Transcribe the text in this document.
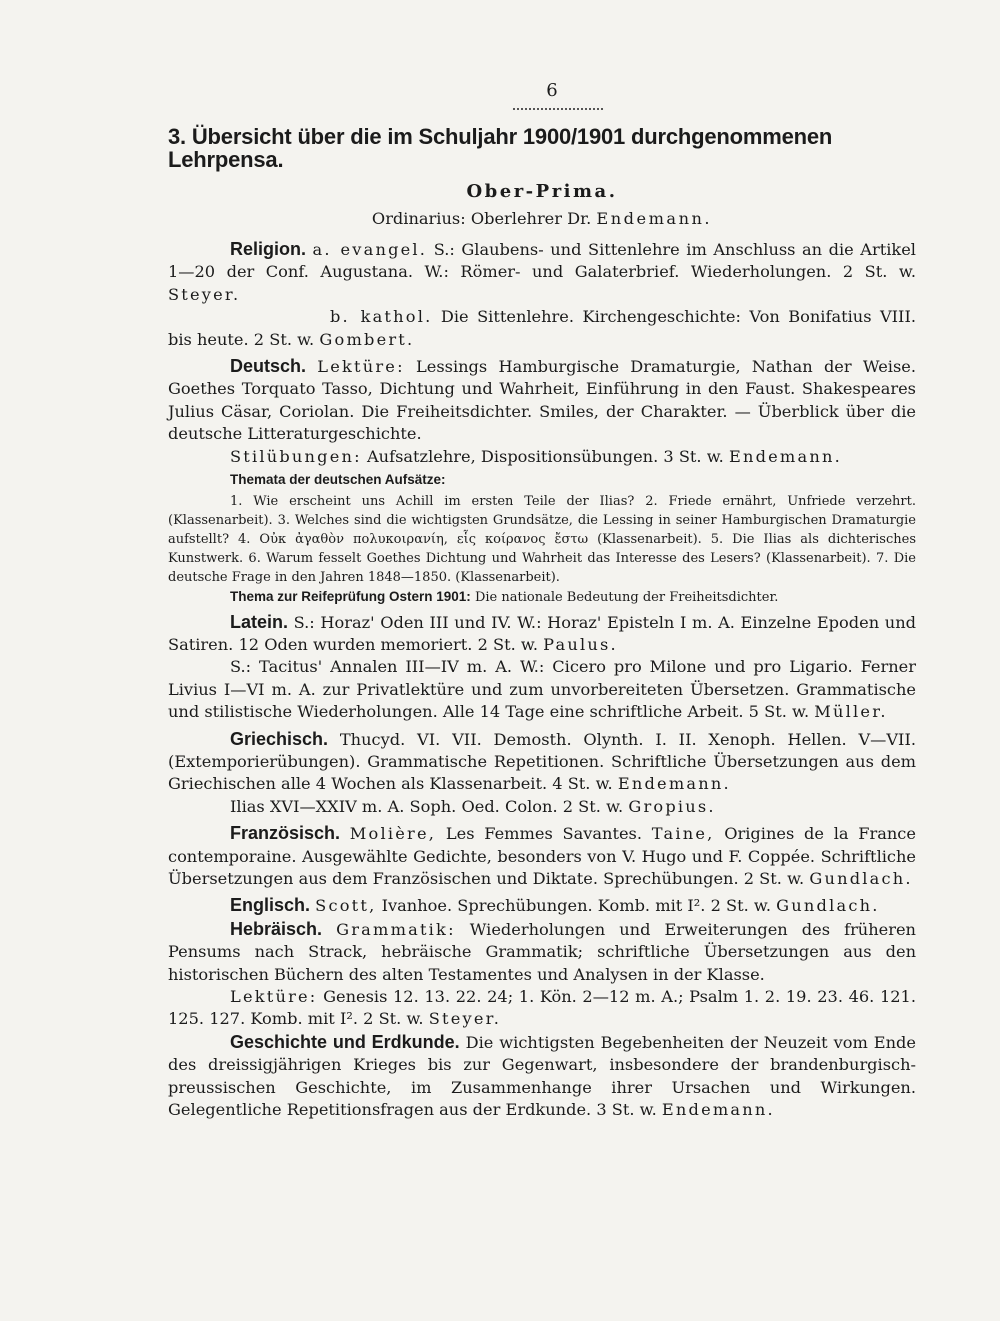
6
3. Übersicht über die im Schuljahr 1900/1901 durchgenommenen Lehrpensa.
Ober-Prima.
Ordinarius: Oberlehrer Dr. Endemann.

Religion. a. evangel. S.: Glaubens- und Sittenlehre im Anschluss an die Artikel 1—20 der Conf. Augustana. W.: Römer- und Galaterbrief. Wiederholungen. 2 St. w. Steyer.

b. kathol. Die Sittenlehre. Kirchengeschichte: Von Bonifatius VIII. bis heute. 2 St. w. Gombert.

Deutsch. Lektüre: Lessings Hamburgische Dramaturgie, Nathan der Weise. Goethes Torquato Tasso, Dichtung und Wahrheit, Einführung in den Faust. Shakespeares Julius Cäsar, Coriolan. Die Freiheitsdichter. Smiles, der Charakter. — Überblick über die deutsche Litteraturgeschichte.

Stilübungen: Aufsatzlehre, Dispositionsübungen. 3 St. w. Endemann.

Themata der deutschen Aufsätze:

1. Wie erscheint uns Achill im ersten Teile der Ilias? 2. Friede ernährt, Unfriede verzehrt. (Klassenarbeit). 3. Welches sind die wichtigsten Grundsätze, die Lessing in seiner Hamburgischen Dramaturgie aufstellt? 4. Οὐκ ἀγαθὸν πολυκοιρανίη, εἷς κοίρανος ἔστω (Klassenarbeit). 5. Die Ilias als dichterisches Kunstwerk. 6. Warum fesselt Goethes Dichtung und Wahrheit das Interesse des Lesers? (Klassenarbeit). 7. Die deutsche Frage in den Jahren 1848—1850. (Klassenarbeit).

Thema zur Reifeprüfung Ostern 1901: Die nationale Bedeutung der Freiheitsdichter.

Latein. S.: Horaz' Oden III und IV. W.: Horaz' Episteln I m. A. Einzelne Epoden und Satiren. 12 Oden wurden memoriert. 2 St. w. Paulus.

S.: Tacitus' Annalen III—IV m. A. W.: Cicero pro Milone und pro Ligario. Ferner Livius I—VI m. A. zur Privatlektüre und zum unvorbereiteten Übersetzen. Grammatische und stilistische Wiederholungen. Alle 14 Tage eine schriftliche Arbeit. 5 St. w. Müller.

Griechisch. Thucyd. VI. VII. Demosth. Olynth. I. II. Xenoph. Hellen. V—VII. (Extemporierübungen). Grammatische Repetitionen. Schriftliche Übersetzungen aus dem Griechischen alle 4 Wochen als Klassenarbeit. 4 St. w. Endemann.

Ilias XVI—XXIV m. A. Soph. Oed. Colon. 2 St. w. Gropius.

Französisch. Molière, Les Femmes Savantes. Taine, Origines de la France contemporaine. Ausgewählte Gedichte, besonders von V. Hugo und F. Coppée. Schriftliche Übersetzungen aus dem Französischen und Diktate. Sprechübungen. 2 St. w. Gundlach.

Englisch. Scott, Ivanhoe. Sprechübungen. Komb. mit I². 2 St. w. Gundlach.

Hebräisch. Grammatik: Wiederholungen und Erweiterungen des früheren Pensums nach Strack, hebräische Grammatik; schriftliche Übersetzungen aus den historischen Büchern des alten Testamentes und Analysen in der Klasse.

Lektüre: Genesis 12. 13. 22. 24; 1. Kön. 2—12 m. A.; Psalm 1. 2. 19. 23. 46. 121. 125. 127. Komb. mit I². 2 St. w. Steyer.

Geschichte und Erdkunde. Die wichtigsten Begebenheiten der Neuzeit vom Ende des dreissigjährigen Krieges bis zur Gegenwart, insbesondere der brandenburgisch-preussischen Geschichte, im Zusammenhange ihrer Ursachen und Wirkungen. Gelegentliche Repetitionsfragen aus der Erdkunde. 3 St. w. Endemann.
